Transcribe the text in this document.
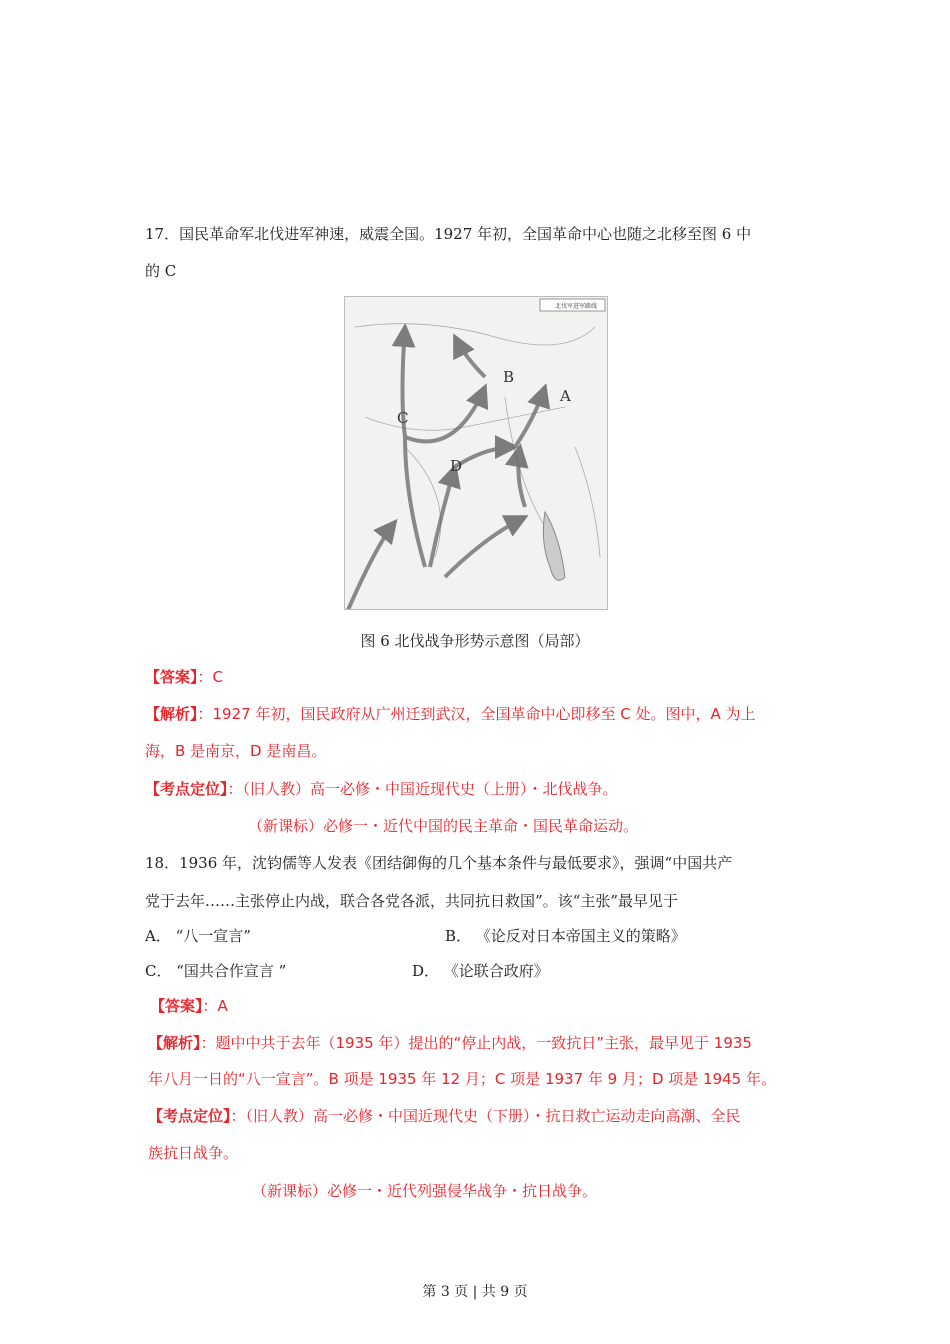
17．国民革命军北伐进军神速，威震全国。1927 年初，全国革命中心也随之北移至图 6 中
的 C
北伐军进军路线
A
B
C
D
图 6 北伐战争形势示意图（局部）
【答案】：C
【解析】：1927 年初，国民政府从广州迁到武汉，全国革命中心即移至 C 处。图中，A 为上
海，B 是南京，D 是南昌。
【考点定位】：（旧人教）高一必修・中国近现代史（上册）・北伐战争。
（新课标）必修一・近代中国的民主革命・国民革命运动。
18．1936 年，沈钧儒等人发表《团结御侮的几个基本条件与最低要求》，强调“中国共产
党于去年……主张停止内战，联合各党各派，共同抗日救国”。该“主张”最早见于
A． “八一宣言”	B． 《论反对日本帝国主义的策略》
C． “国共合作宣言 ”	D． 《论联合政府》
【答案】：A
【解析】：题中中共于去年（1935 年）提出的“停止内战，一致抗日”主张，最早见于 1935
年八月一日的“八一宣言”。B 项是 1935 年 12 月；C 项是 1937 年 9 月；D 项是 1945 年。
【考点定位】：（旧人教）高一必修・中国近现代史（下册）・抗日救亡运动走向高潮、全民
族抗日战争。
（新课标）必修一・近代列强侵华战争・抗日战争。
第 3 页 | 共 9 页
